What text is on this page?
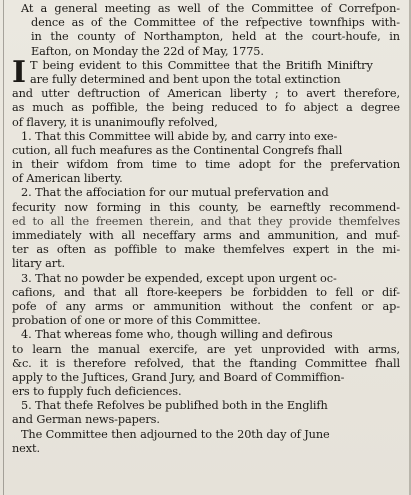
At a general meeting as well of the Committee of Correfpon-
dence as of the Committee of the refpective townfhips with-
in the county of Northampton, held at the court-houfe, in
Eafton, on Monday the 22d of May, 1775.
I T being evident to this Committee that the Britifh Miniftry
are fully determined and bent upon the total extinction
and utter deftruction of American liberty ; to avert therefore,
as much as poffible, the being reduced to fo abject a degree
of flavery, it is unanimoufly refolved,
1. That this Committee will abide by, and carry into exe-
cution, all fuch meafures as the Continental Congrefs fhall
in their wifdom from time to time adopt for the prefervation
of American liberty.
2. That the affociation for our mutual prefervation and
fecurity now forming in this county, be earneftly recommend-
ed to all the freemen therein, and that they provide themfelves
immediately with all neceffary arms and ammunition, and muf-
ter as often as poffible to make themfelves expert in the mi-
litary art.
3. That no powder be expended, except upon urgent oc-
cafions, and that all ftore-keepers be forbidden to fell or dif-
pofe of any arms or ammunition without the confent or ap-
probation of one or more of this Committee.
4. That whereas fome who, though willing and defirous
to learn the manual exercife, are yet unprovided with arms,
&c. it is therefore refolved, that the ftanding Committee fhall
apply to the Juftices, Grand Jury, and Board of Commiffion-
ers to fupply fuch deficiences.
5. That thefe Refolves be publifhed both in the Englifh
and German news-papers.
The Committee then adjourned to the 20th day of June
next.
